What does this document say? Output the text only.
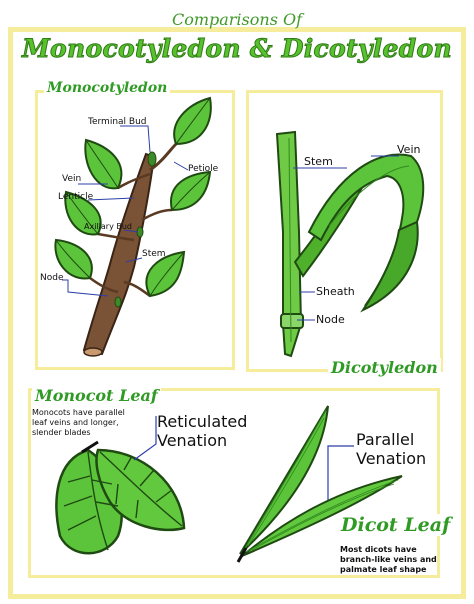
Comparisons Of
Monocotyledon & Dicotyledon
Monocotyledon
Dicotyledon
Monocot Leaf
Dicot Leaf
Terminal Bud
Petiole
Vein
Lenticle
Axillary Bud
Stem
Node
Stem
Vein
Sheath
Node
Monocots have parallel leaf veins and longer, slender blades
Reticulated
Venation	Parallel
Venation
Most dicots have branch-like veins and palmate leaf shape
